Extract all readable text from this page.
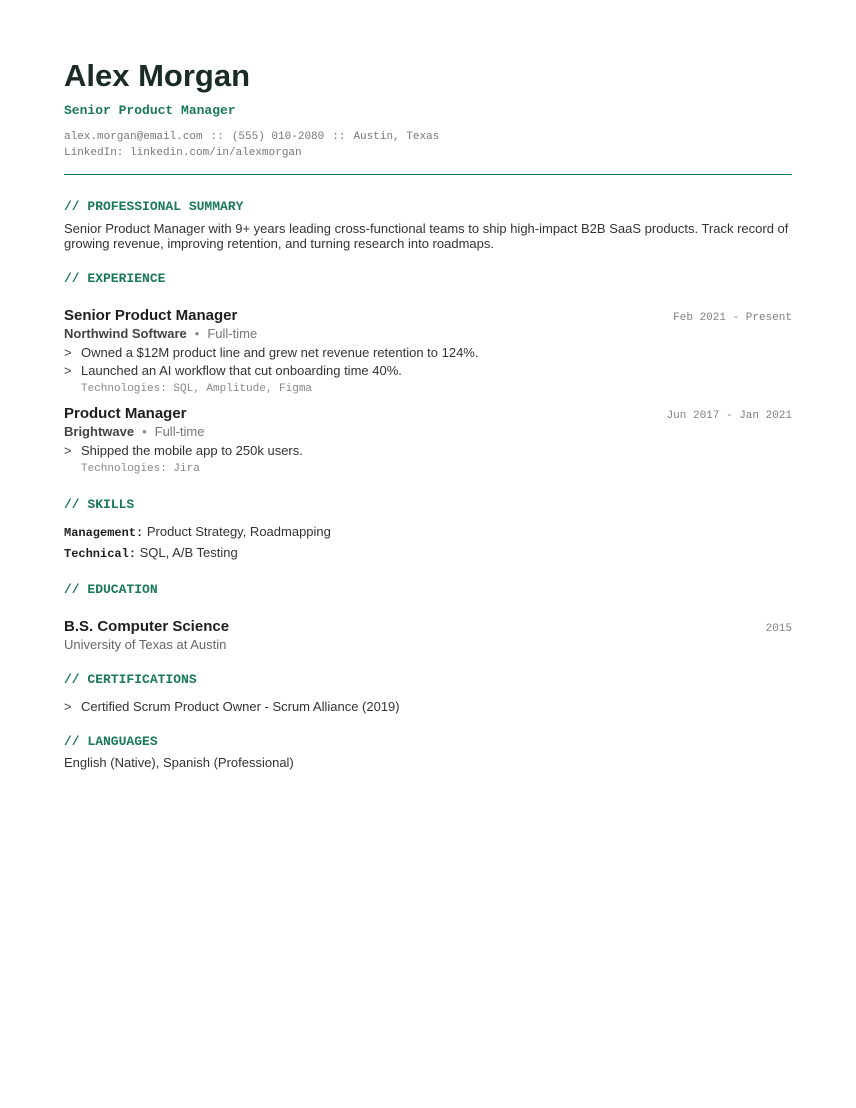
Alex Morgan
Senior Product Manager
alex.morgan@email.com :: (555) 010-2080 :: Austin, Texas
LinkedIn: linkedin.com/in/alexmorgan
// PROFESSIONAL SUMMARY
Senior Product Manager with 9+ years leading cross-functional teams to ship high-impact B2B SaaS products. Track record of growing revenue, improving retention, and turning research into roadmaps.
// EXPERIENCE
Senior Product Manager	Feb 2021 - Present
Northwind Software • Full-time
> Owned a $12M product line and grew net revenue retention to 124%.
> Launched an AI workflow that cut onboarding time 40%.
Technologies: SQL, Amplitude, Figma
Product Manager	Jun 2017 - Jan 2021
Brightwave • Full-time
> Shipped the mobile app to 250k users.
Technologies: Jira
// SKILLS
Management: Product Strategy, Roadmapping
Technical: SQL, A/B Testing
// EDUCATION
B.S. Computer Science	2015
University of Texas at Austin
// CERTIFICATIONS
> Certified Scrum Product Owner - Scrum Alliance (2019)
// LANGUAGES
English (Native), Spanish (Professional)
